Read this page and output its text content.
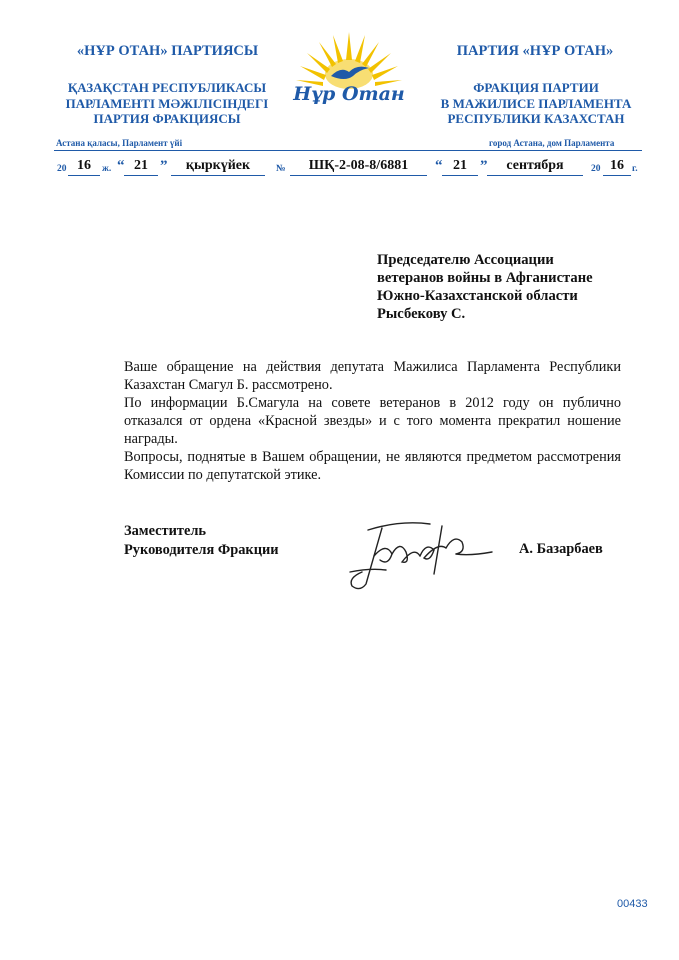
«НҰР ОТАН» ПАРТИЯСЫ
ҚАЗАҚСТАН РЕСПУБЛИКАСЫ
ПАРЛАМЕНТІ МӘЖІЛІСІНДЕГІ
ПАРТИЯ ФРАКЦИЯСЫ
Нұр Отан
ПАРТИЯ «НҰР ОТАН»
ФРАКЦИЯ ПАРТИИ
В МАЖИЛИСЕ ПАРЛАМЕНТА
РЕСПУБЛИКИ КАЗАХСТАН
Астана қаласы, Парламент үйі	город Астана, дом Парламента
20 16	ж. “ 21 ”	қыркүйек	№	ШҚ-2-08-8/6881	“ 21 ”	сентября	20 16 г.
Председателю Ассоциации
ветеранов войны в Афганистане
Южно-Казахстанской области
Рысбекову С.

Ваше обращение на действия депутата Мажилиса Парламента Республики Казахстан Смагул Б. рассмотрено.

По информации Б.Смагула на совете ветеранов в 2012 году он публично отказался от ордена «Красной звезды» и с того момента прекратил ношение награды.

Вопросы, поднятые в Вашем обращении, не являются предметом рассмотрения Комиссии по депутатской этике.

Заместитель
Руководителя Фракции	А. Базарбаев
00433
